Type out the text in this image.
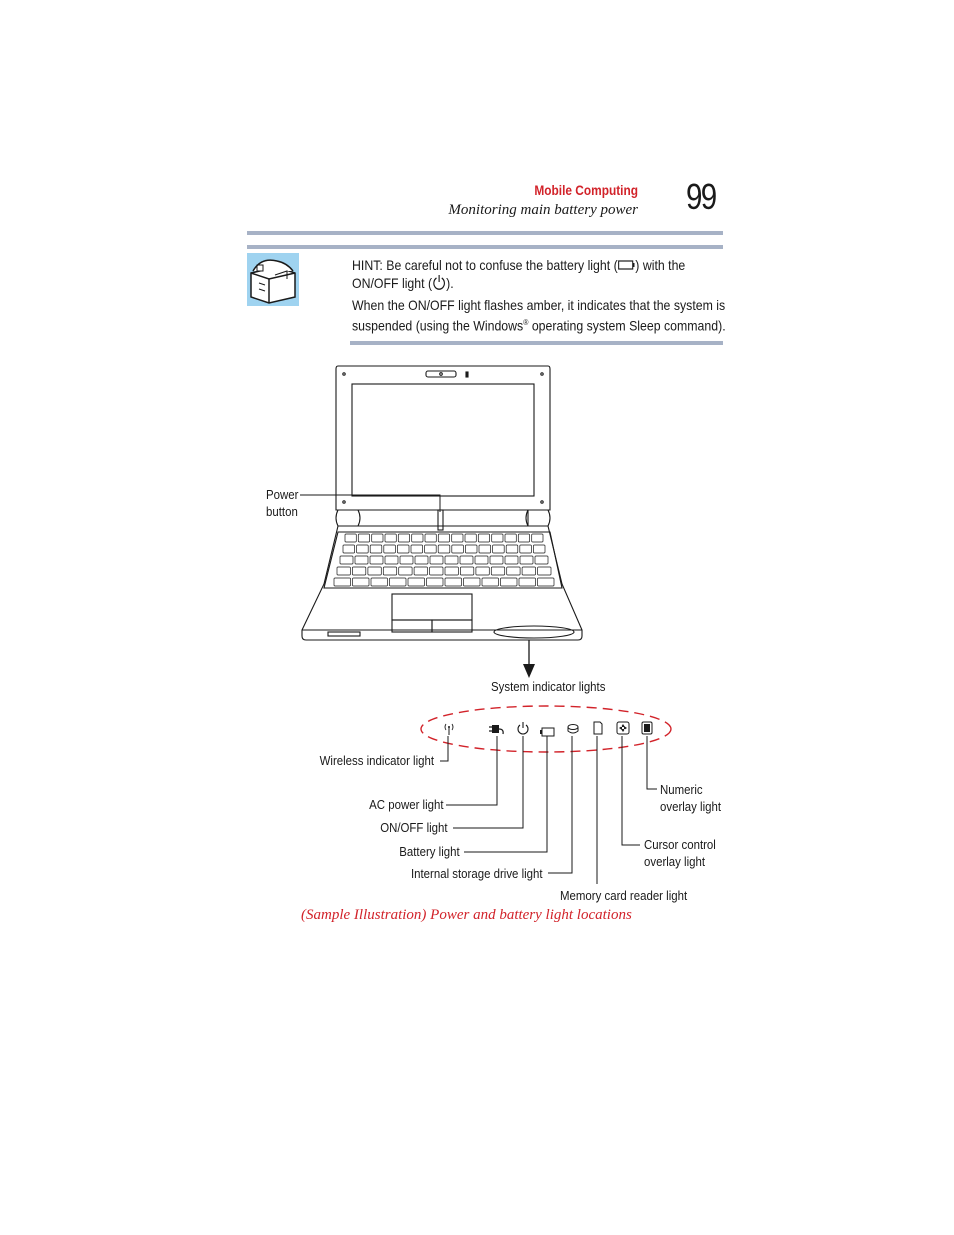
Mobile Computing
Monitoring main battery power 99
HINT: Be careful not to confuse the battery light ( ) with the
ON/OFF light ( ).
When the ON/OFF light flashes amber, it indicates that the system is
suspended (using the Windows® operating system Sleep command).
Power
button
System indicator lights
Wireless indicator light
AC power light
ON/OFF light
Battery light
Internal storage drive light
Memory card reader light
Cursor control
overlay light
Numeric
overlay light
(Sample Illustration) Power and battery light locations
